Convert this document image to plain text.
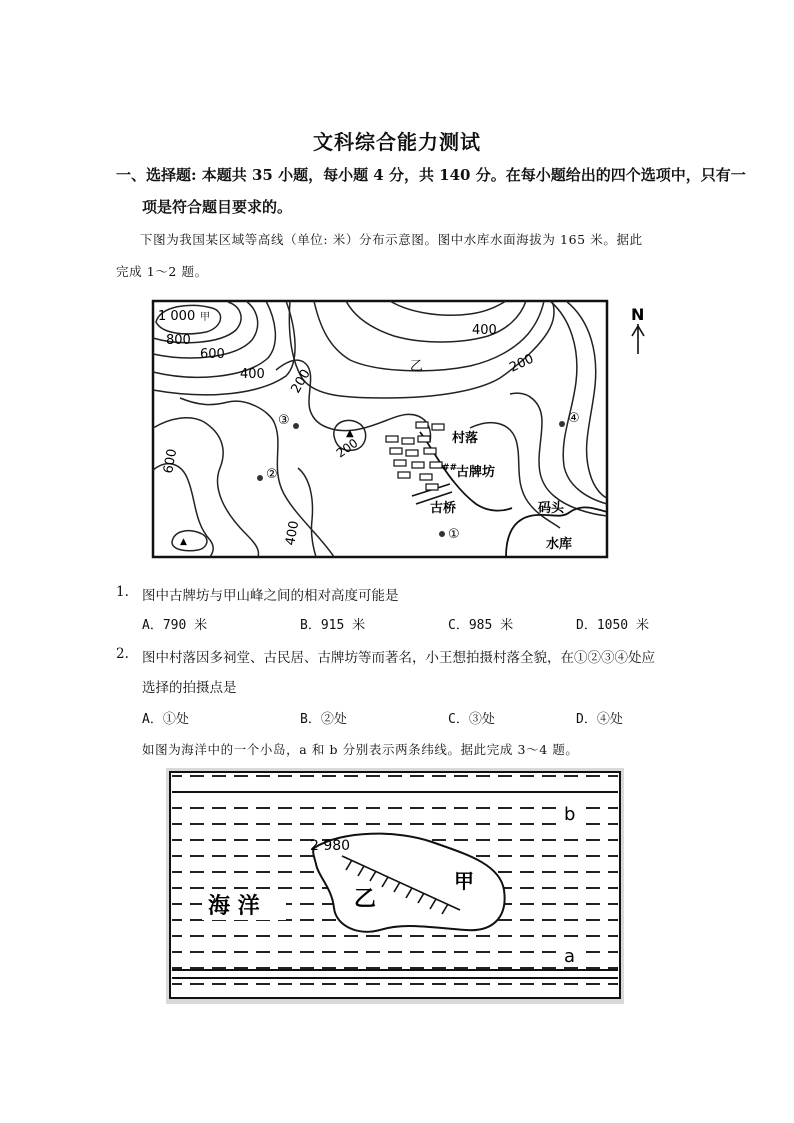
文科综合能力测试
一、选择题: 本题共 35 小题，每小题 4 分，共 140 分。在每小题给出的四个选项中，只有一
项是符合题目要求的。
下图为我国某区域等高线（单位: 米）分布示意图。图中水库水面海拔为 165 米。据此
完成 1～2 题。
村落
##
古牌坊
古桥	码头
水库
1 000 甲
800
600
400 200
400
200
乙
200
▲
600
400
▲
③
②
①
④
N
1. 图中古牌坊与甲山峰之间的相对高度可能是
A．790 米	B．915 米	C．985 米	D．1050 米
2. 图中村落因多祠堂、古民居、古牌坊等而著名，小王想拍摄村落全貌，在①②③④处应
选择的拍摄点是
A．①处	B．②处	C．③处	D．④处
如图为海洋中的一个小岛，a 和 b 分别表示两条纬线。据此完成 3～4 题。
2 980
甲
乙
海 洋
b
a
